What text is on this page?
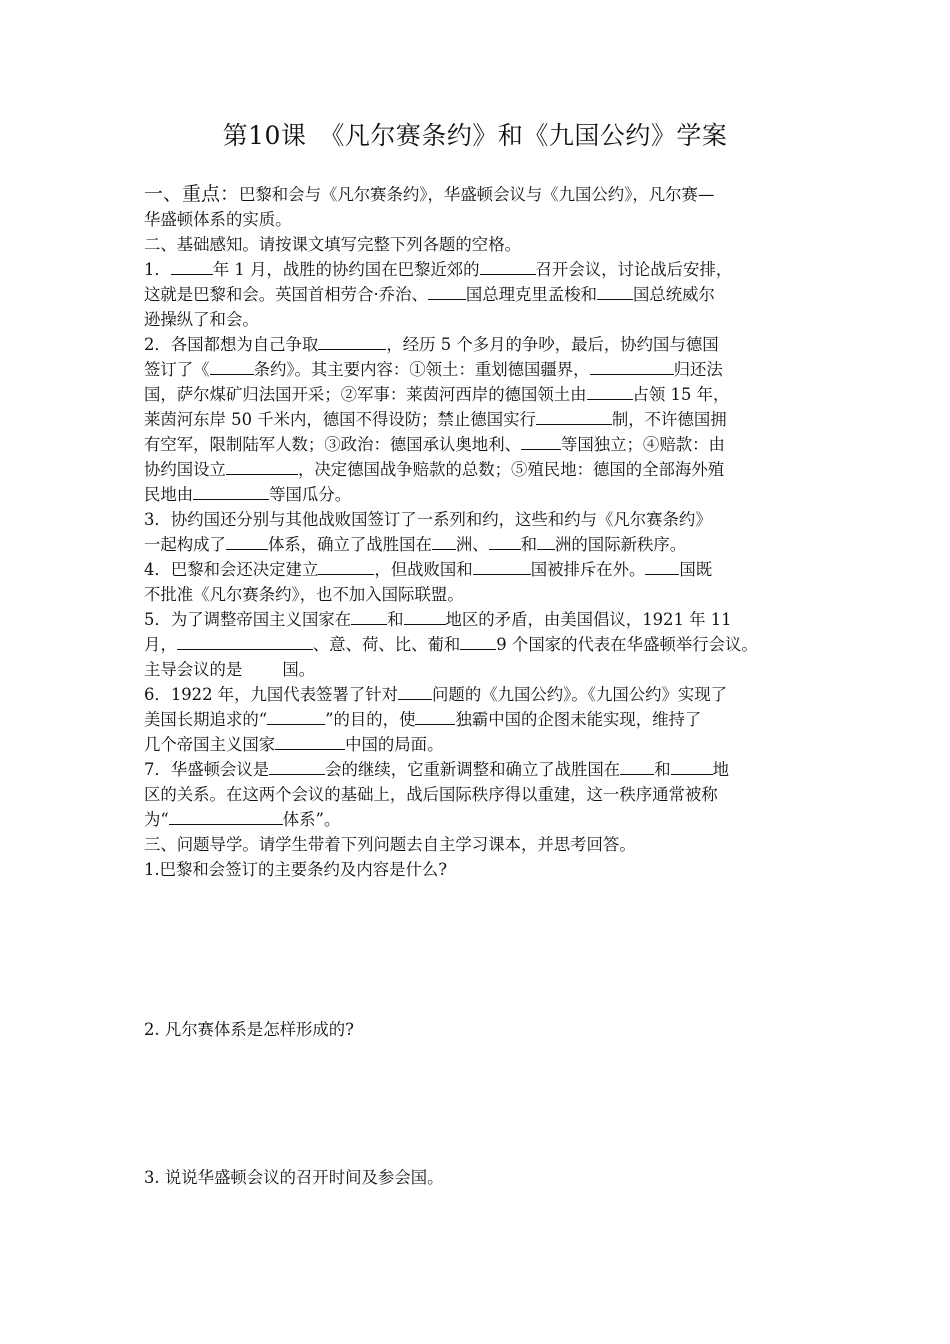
第10课　《凡尔赛条约》和《九国公约》学案

一、重点：巴黎和会与《凡尔赛条约》，华盛顿会议与《九国公约》，凡尔赛—

华盛顿体系的实质。

二、基础感知。请按课文填写完整下列各题的空格。

1．	年 1 月，战胜的协约国在巴黎近郊的	召开会议，讨论战后安排，

这就是巴黎和会。英国首相劳合·乔治、 国总理克里孟梭和 国总统威尔

逊操纵了和会。

2．各国都想为自己争取	，经历 5 个多月的争吵，最后，协约国与德国

签订了《	条约》。其主要内容：①领土：重划德国疆界，	归还法

国，萨尔煤矿归法国开采；②军事：莱茵河西岸的德国领土由	占领 15 年，

莱茵河东岸 50 千米内，德国不得设防；禁止德国实行	制，不许德国拥

有空军，限制陆军人数；③政治：德国承认奥地利、 等国独立；④赔款：由

协约国设立	，决定德国战争赔款的总数；⑤殖民地：德国的全部海外殖

民地由	等国瓜分。

3．协约国还分别与其他战败国签订了一系列和约，这些和约与《凡尔赛条约》

一起构成了	体系，确立了战胜国在 洲、 和 洲的国际新秩序。

4．巴黎和会还决定建立	，但战败国和	国被排斥在外。 国既

不批准《凡尔赛条约》，也不加入国际联盟。

5．为了调整帝国主义国家在 和	地区的矛盾，由美国倡议，1921 年 11

月，	、意、荷、比、葡和 9 个国家的代表在华盛顿举行会议。

主导会议的是 国。

6．1922 年，九国代表签署了针对 问题的《九国公约》。《九国公约》实现了

美国长期追求的“	”的目的，使 独霸中国的企图未能实现，维持了

几个帝国主义国家	中国的局面。

7．华盛顿会议是	会的继续，它重新调整和确立了战胜国在 和	地

区的关系。在这两个会议的基础上，战后国际秩序得以重建，这一秩序通常被称

为“	体系”。

三、问题导学。请学生带着下列问题去自主学习课本，并思考回答。

1.巴黎和会签订的主要条约及内容是什么?

2. 凡尔赛体系是怎样形成的?
3. 说说华盛顿会议的召开时间及参会国。
